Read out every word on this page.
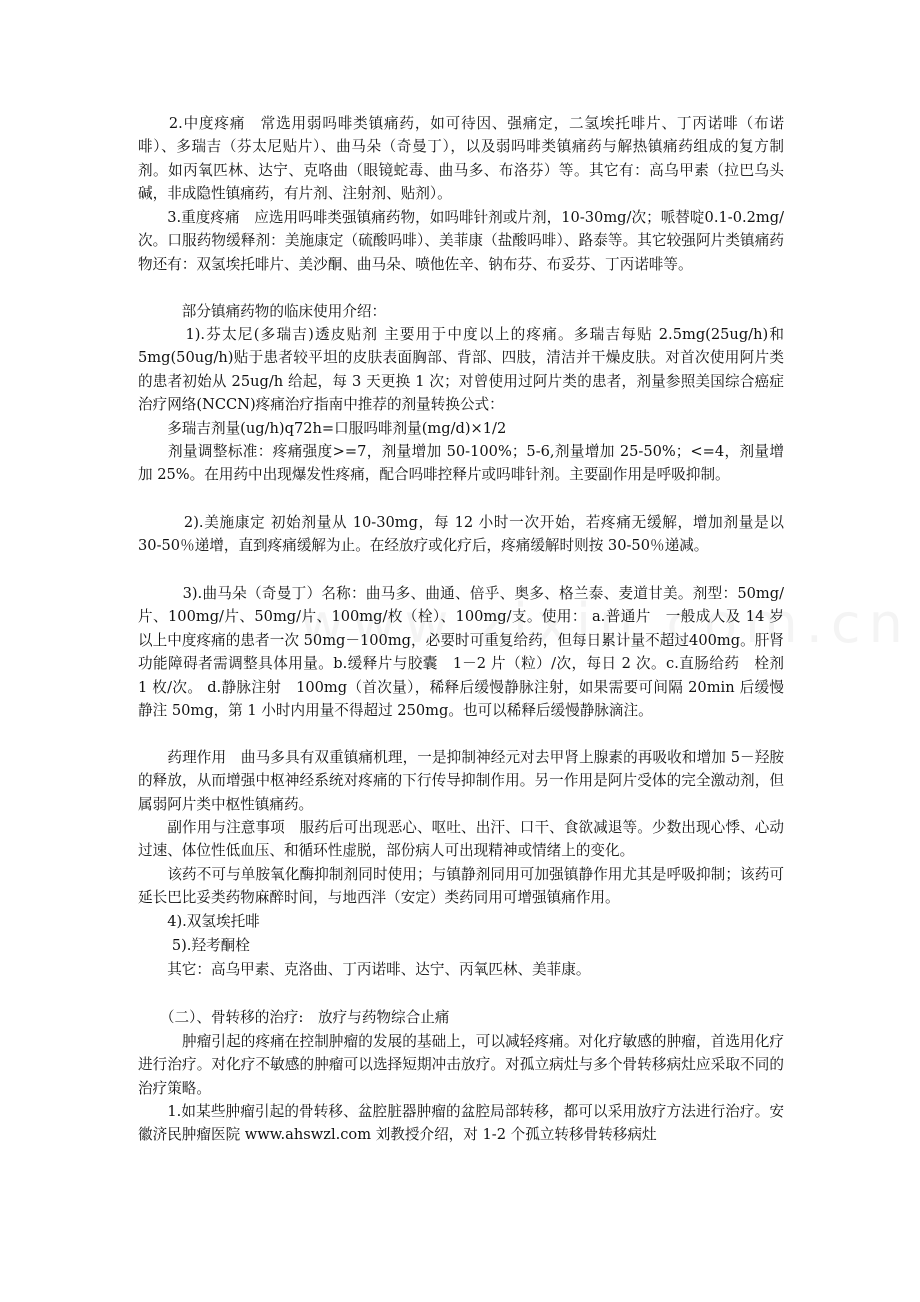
　　2.中度疼痛　常选用弱吗啡类镇痛药，如可待因、强痛定，二氢埃托啡片、丁丙诺啡（布诺啡）、多瑞吉（芬太尼贴片）、曲马朵（奇曼丁），以及弱吗啡类镇痛药与解热镇痛药组成的复方制剂。如丙氧匹林、达宁、克咯曲（眼镜蛇毒、曲马多、布洛芬）等。其它有：高乌甲素（拉巴乌头碱，非成隐性镇痛药，有片剂、注射剂、贴剂）。

　　3.重度疼痛　应选用吗啡类强镇痛药物，如吗啡针剂或片剂，10-30mg/次；哌替啶0.1-0.2mg/次。口服药物缓释剂：美施康定（硫酸吗啡）、美菲康（盐酸吗啡）、路泰等。其它较强阿片类镇痛药物还有：双氢埃托啡片、美沙酮、曲马朵、喷他佐辛、钠布芬、布妥芬、丁丙诺啡等。

　　　部分镇痛药物的临床使用介绍：

　　　1).芬太尼(多瑞吉)透皮贴剂 主要用于中度以上的疼痛。多瑞吉每贴 2.5mg(25ug/h)和 5mg(50ug/h)贴于患者较平坦的皮肤表面胸部、背部、四肢，清洁并干燥皮肤。对首次使用阿片类的患者初始从 25ug/h 给起，每 3 天更换 1 次；对曾使用过阿片类的患者，剂量参照美国综合癌症治疗网络(NCCN)疼痛治疗指南中推荐的剂量转换公式：

　　多瑞吉剂量(ug/h)q72h=口服吗啡剂量(mg/d)×1/2

　　剂量调整标准：疼痛强度>=7，剂量增加 50-100%；5-6,剂量增加 25-50%；<=4，剂量增加 25%。在用药中出现爆发性疼痛，配合吗啡控释片或吗啡针剂。主要副作用是呼吸抑制。

　　　2).美施康定 初始剂量从 10-30mg，每 12 小时一次开始，若疼痛无缓解，增加剂量是以 30-50％递增，直到疼痛缓解为止。在经放疗或化疗后，疼痛缓解时则按 30-50％递减。

　　　3).曲马朵（奇曼丁）名称：曲马多、曲通、倍乎、奥多、格兰泰、麦道甘美。剂型：50mg/片、100mg/片、50mg/片、100mg/枚（栓）、100mg/支。使用： a.普通片　一般成人及 14 岁以上中度疼痛的患者一次 50mg－100mg，必要时可重复给药，但每日累计量不超过400mg。肝肾功能障碍者需调整具体用量。b.缓释片与胶囊　1－2 片（粒）/次，每日 2 次。c.直肠给药　栓剂　1 枚/次。 d.静脉注射　100mg（首次量），稀释后缓慢静脉注射，如果需要可间隔 20min 后缓慢静注 50mg，第 1 小时内用量不得超过 250mg。也可以稀释后缓慢静脉滴注。

　　药理作用　曲马多具有双重镇痛机理，一是抑制神经元对去甲肾上腺素的再吸收和增加 5－羟胺的释放，从而增强中枢神经系统对疼痛的下行传导抑制作用。另一作用是阿片受体的完全激动剂，但属弱阿片类中枢性镇痛药。

　　副作用与注意事项　服药后可出现恶心、呕吐、出汗、口干、食欲减退等。少数出现心悸、心动过速、体位性低血压、和循环性虚脱，部份病人可出现精神或情绪上的变化。

　　该药不可与单胺氧化酶抑制剂同时使用；与镇静剂同用可加强镇静作用尤其是呼吸抑制；该药可延长巴比妥类药物麻醉时间，与地西泮（安定）类药同用可增强镇痛作用。

　　4).双氢埃托啡

　　 5).羟考酮栓

　　其它：高乌甲素、克洛曲、丁丙诺啡、达宁、丙氧匹林、美菲康。

　　（二）、骨转移的治疗:　放疗与药物综合止痛

　　　肿瘤引起的疼痛在控制肿瘤的发展的基础上，可以减轻疼痛。对化疗敏感的肿瘤，首选用化疗进行治疗。对化疗不敏感的肿瘤可以选择短期冲击放疗。对孤立病灶与多个骨转移病灶应采取不同的治疗策略。

　　1.如某些肿瘤引起的骨转移、盆腔脏器肿瘤的盆腔局部转移，都可以采用放疗方法进行治疗。安徽济民肿瘤医院 www.ahswzl.com 刘教授介绍，对 1-2 个孤立转移骨转移病灶
